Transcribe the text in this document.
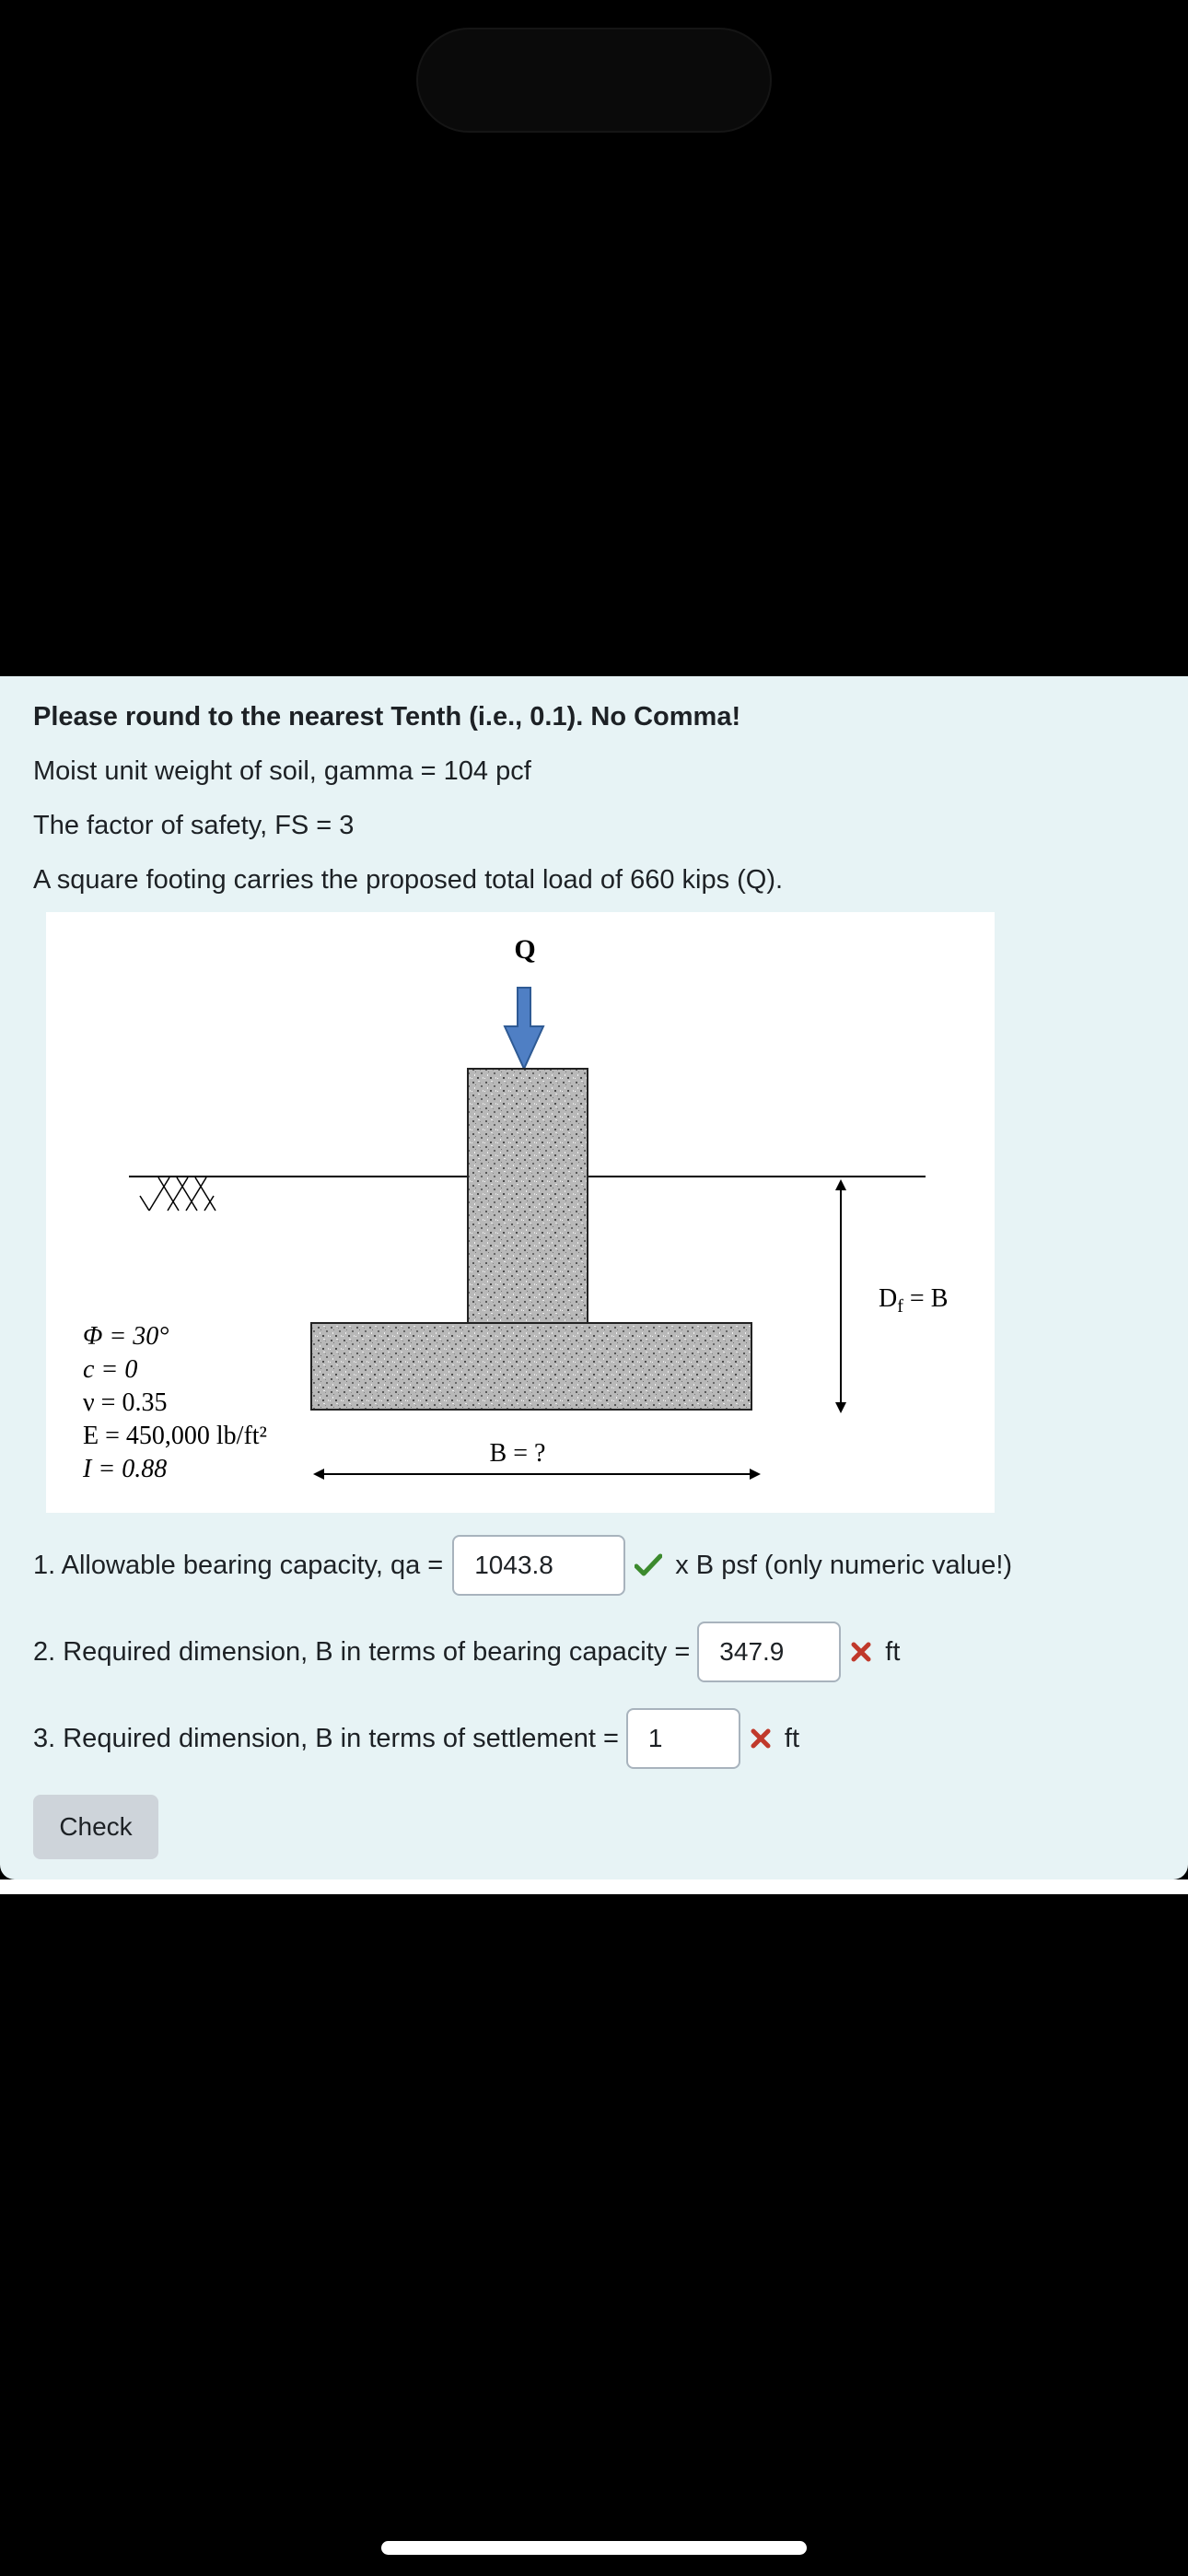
Please round to the nearest Tenth (i.e., 0.1). No Comma!
Moist unit weight of soil, gamma = 104 pcf
The factor of safety, FS = 3
A square footing carries the proposed total load of 660 kips (Q).
Q
$D_f = B$
B = ?
Φ = 30°
c = 0
ν = 0.35
E = 450,000 lb/ft²
I = 0.88
1. Allowable bearing capacity, qa =	1043.8	x B psf (only numeric value!)
2. Required dimension, B in terms of bearing capacity =	347.9	ft
3. Required dimension, B in terms of settlement =	1	ft
Check
